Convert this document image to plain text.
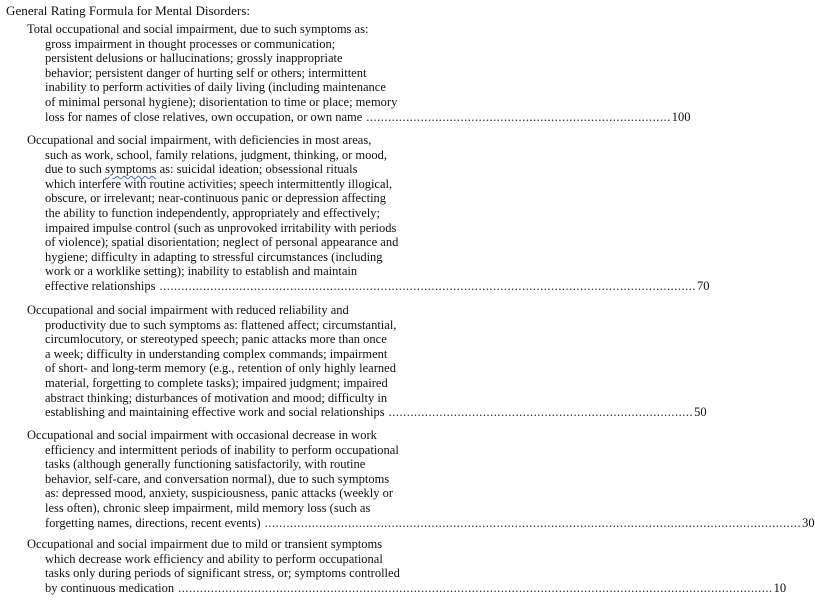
General Rating Formula for Mental Disorders:
Total occupational and social impairment, due to such symptoms as:
gross impairment in thought processes or communication;
persistent delusions or hallucinations; grossly inappropriate
behavior; persistent danger of hurting self or others; intermittent
inability to perform activities of daily living (including maintenance
of minimal personal hygiene); disorientation to time or place; memory
loss for names of close relatives, own occupation, or own name .................................................................................... 100
Occupational and social impairment, with deficiencies in most areas,
such as work, school, family relations, judgment, thinking, or mood,
due to such symptoms as: suicidal ideation; obsessional rituals
which interfere with routine activities; speech intermittently illogical,
obscure, or irrelevant; near-continuous panic or depression affecting
the ability to function independently, appropriately and effectively;
impaired impulse control (such as unprovoked irritability with periods
of violence); spatial disorientation; neglect of personal appearance and
hygiene; difficulty in adapting to stressful circumstances (including
work or a worklike setting); inability to establish and maintain
effective relationships .................................................................................................................................................... 70
Occupational and social impairment with reduced reliability and
productivity due to such symptoms as: flattened affect; circumstantial,
circumlocutory, or stereotyped speech; panic attacks more than once
a week; difficulty in understanding complex commands; impairment
of short- and long-term memory (e.g., retention of only highly learned
material, forgetting to complete tasks); impaired judgment; impaired
abstract thinking; disturbances of motivation and mood; difficulty in
establishing and maintaining effective work and social relationships .................................................................................... 50
Occupational and social impairment with occasional decrease in work
efficiency and intermittent periods of inability to perform occupational
tasks (although generally functioning satisfactorily, with routine
behavior, self-care, and conversation normal), due to such symptoms
as: depressed mood, anxiety, suspiciousness, panic attacks (weekly or
less often), chronic sleep impairment, mild memory loss (such as
forgetting names, directions, recent events) .................................................................................................................................................... 30
Occupational and social impairment due to mild or transient symptoms
which decrease work efficiency and ability to perform occupational
tasks only during periods of significant stress, or; symptoms controlled
by continuous medication .................................................................................................................................................................... 10
